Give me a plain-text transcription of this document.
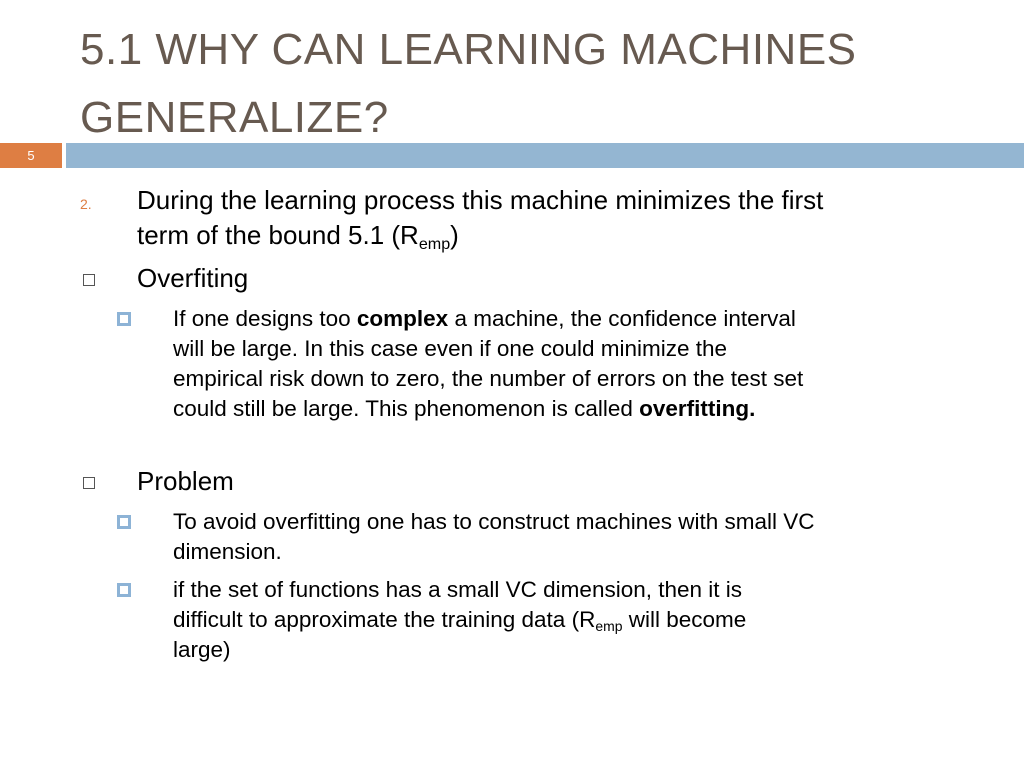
5.1 WHY CAN LEARNING MACHINES
GENERALIZE?
5
2. During the learning process this machine minimizes the first
term of the bound 5.1 $(R_{emp})$
Overfiting
If one designs too complex a machine, the confidence interval
will be large. In this case even if one could minimize the
empirical risk down to zero, the number of errors on the test set
could still be large. This phenomenon is called overfitting.
Problem
To avoid overfitting one has to construct machines with small VC
dimension.
if the set of functions has a small VC dimension, then it is
difficult to approximate the training data ($R_{emp}$ will become
large)
